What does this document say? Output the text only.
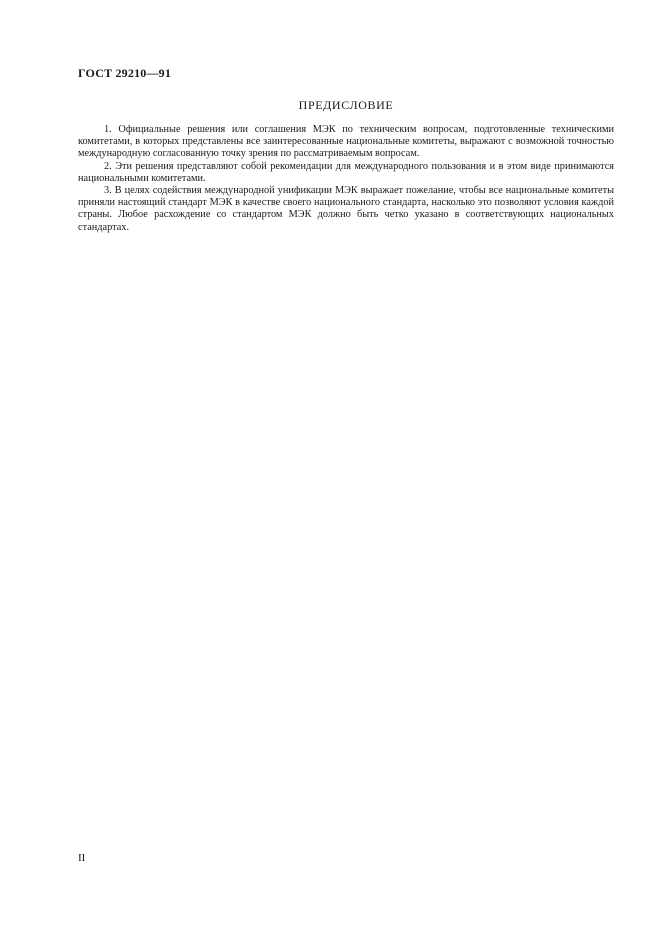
ГОСТ 29210—91
ПРЕДИСЛОВИЕ

1. Официальные решения или соглашения МЭК по техническим вопросам, подготовленные техническими комитетами, в которых представлены все заинтересованные национальные комитеты, выражают с возможной точностью международную согласованную точку зрения по рассматриваемым вопросам.

2. Эти решения представляют собой рекомендации для международного пользования и в этом виде принимаются национальными комитетами.

3. В целях содействия международной унификации МЭК выражает пожелание, чтобы все национальные комитеты приняли настоящий стандарт МЭК в качестве своего национального стандарта, насколько это позволяют условия каждой страны. Любое расхождение со стандартом МЭК должно быть четко указано в соответствующих национальных стандартах.

II
